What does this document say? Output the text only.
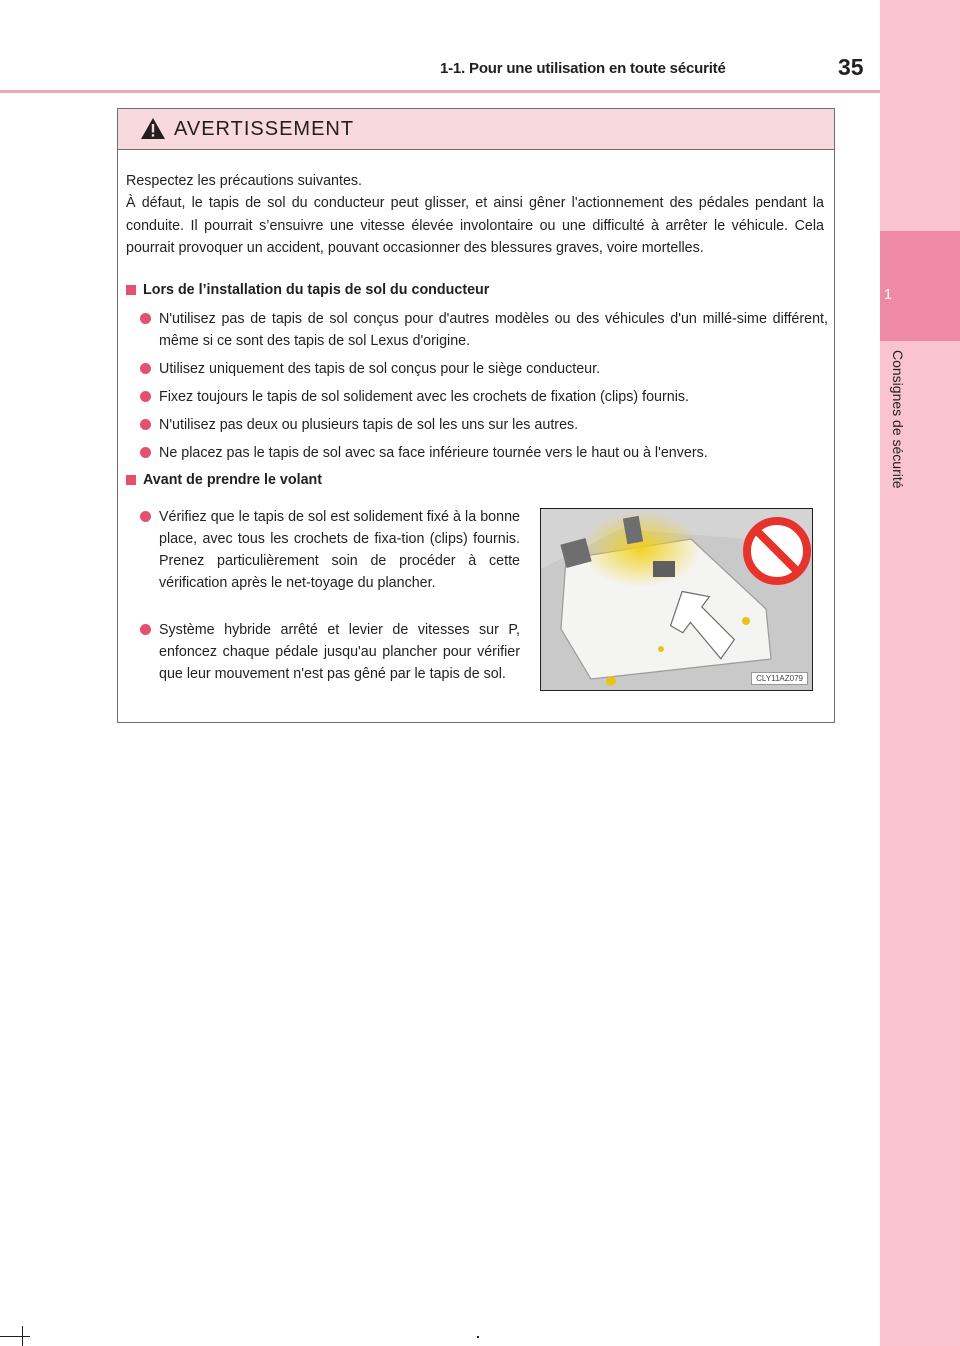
1-1. Pour une utilisation en toute sécurité	35
1
Consignes de sécurité
AVERTISSEMENT
Respectez les précautions suivantes.
À défaut, le tapis de sol du conducteur peut glisser, et ainsi gêner l'actionnement des pédales pendant la conduite. Il pourrait s’ensuivre une vitesse élevée involontaire ou une difficulté à arrêter le véhicule. Cela pourrait provoquer un accident, pouvant occasionner des blessures graves, voire mortelles.
Lors de l’installation du tapis de sol du conducteur
N'utilisez pas de tapis de sol conçus pour d'autres modèles ou des véhicules d'un millé-sime différent, même si ce sont des tapis de sol Lexus d'origine.
Utilisez uniquement des tapis de sol conçus pour le siège conducteur.
Fixez toujours le tapis de sol solidement avec les crochets de fixation (clips) fournis.
N'utilisez pas deux ou plusieurs tapis de sol les uns sur les autres.
Ne placez pas le tapis de sol avec sa face inférieure tournée vers le haut ou à l'envers.
Avant de prendre le volant
Vérifiez que le tapis de sol est solidement fixé à la bonne place, avec tous les crochets de fixa-tion (clips) fournis. Prenez particulièrement soin de procéder à cette vérification après le net-toyage du plancher.
Système hybride arrêté et levier de vitesses sur P, enfoncez chaque pédale jusqu'au plancher pour vérifier que leur mouvement n'est pas gêné par le tapis de sol.	CLY11AZ079
